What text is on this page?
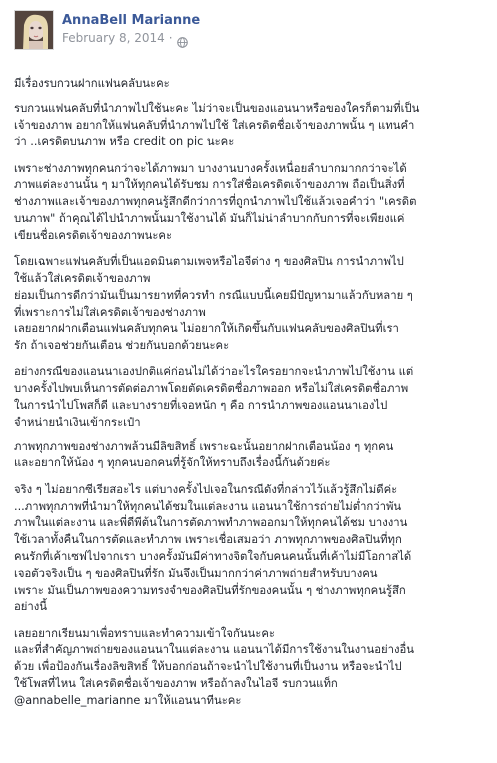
AnnaBell Marianne
February 8, 2014 ·

มีเรื่องรบกวนฝากแฟนคลับนะคะ

รบกวนแฟนคลับที่นำภาพไปใช้นะคะ ไม่ว่าจะเป็นของแอนนาหรือของใครก็ตามที่เป็น
เจ้าของภาพ อยากให้แฟนคลับที่นำภาพไปใช้ ใส่เครดิตชื่อเจ้าของภาพนั้น ๆ แทนคำ
ว่า ..เครดิตบนภาพ หรือ credit on pic นะคะ

เพราะช่างภาพทุกคนกว่าจะได้ภาพมา บางงานบางครั้งเหนื่อยลำบากมากกว่าจะได้
ภาพแต่ละงานนั้น ๆ มาให้ทุกคนได้รับชม การใส่ชื่อเครดิตเจ้าของภาพ ถือเป็นสิ่งที่
ช่างภาพและเจ้าของภาพทุกคนรู้สึกดีกว่าการที่ถูกนำภาพไปใช้แล้วเจอคำว่า "เครดิต
บนภาพ" ถ้าคุณได้ไปนำภาพนั้นมาใช้งานได้ มันก็ไม่น่าลำบากกับการที่จะเพียงแค่
เขียนชื่อเครดิตเจ้าของภาพนะคะ

โดยเฉพาะแฟนคลับที่เป็นแอดมินตามเพจหรือไอจีต่าง ๆ ของศิลปิน การนำภาพไป
ใช้แล้วใส่เครดิตเจ้าของภาพ
ย่อมเป็นการดีกว่ามันเป็นมารยาทที่ควรทำ กรณีแบบนี้เคยมีปัญหามาแล้วกับหลาย ๆ
ที่เพราะการไม่ใส่เครดิตเจ้าของช่างภาพ
เลยอยากฝากเตือนแฟนคลับทุกคน ไม่อยากให้เกิดขึ้นกับแฟนคลับของศิลปินที่เรา
รัก ถ้าเจอช่วยกันเตือน ช่วยกันบอกด้วยนะคะ

อย่างกรณีของแอนนาเองปกติแค่ก่อนไม่ได้ว่าอะไรใครอยากจะนำภาพไปใช้งาน แต่
บางครั้งไปพบเห็นการตัดต่อภาพโดยตัดเครดิตชื่อภาพออก หรือไม่ใส่เครดิตชื่อภาพ
ในการนำไปโพสก็ดี และบางรายที่เจอหนัก ๆ คือ การนำภาพของแอนนาเองไป
จำหน่ายนำเงินเข้ากระเป๋า

ภาพทุกภาพของช่างภาพล้วนมีลิขสิทธิ์ เพราะฉะนั้นอยากฝากเตือนน้อง ๆ ทุกคน
และอยากให้น้อง ๆ ทุกคนบอกคนที่รู้จักให้ทราบถึงเรื่องนี้กันด้วยค่ะ

จริง ๆ ไม่อยากซีเรียสอะไร แต่บางครั้งไปเจอในกรณีดังที่กล่าวไว้แล้วรู้สึกไม่ดีค่ะ
...ภาพทุกภาพที่นำมาให้ทุกคนได้ชมในแต่ละงาน แอนนาใช้การถ่ายไม่ต่ำกว่าพัน
ภาพในแต่ละงาน และพี่ดีพีต้นในการตัดภาพทำภาพออกมาให้ทุกคนได้ชม บางงาน
ใช้เวลาทั้งคืนในการตัดและทำภาพ เพราะเชื่อเสมอว่า ภาพทุกภาพของศิลปินที่ทุก
คนรักที่เค้าเซฟไปจากเรา บางครั้งมันมีค่าทางจิตใจกับคนคนนั้นที่เค้าไม่มีโอกาสได้
เจอตัวจริงเป็น ๆ ของศิลปินที่รัก มันจึงเป็นมากกว่าค่าภาพถ่ายสำหรับบางคน
เพราะ มันเป็นภาพของความทรงจำของศิลปินที่รักของคนนั้น ๆ ช่างภาพทุกคนรู้สึก
อย่างนี้

เลยอยากเรียนมาเพื่อทราบและทำความเข้าใจกันนะคะ
และที่สำคัญภาพถ่ายของแอนนาในแต่ละงาน แอนนาได้มีการใช้งานในงานอย่างอื่น
ด้วย เพื่อป้องกันเรื่องลิขสิทธิ์ ให้บอกก่อนถ้าจะนำไปใช้งานที่เป็นงาน หรือจะนำไป
ใช้โพสที่ไหน ใส่เครดิตชื่อเจ้าของภาพ หรือถ้าลงในไอจี รบกวนแท็ก
@annabelle_marianne มาให้แอนนาทีนะคะ
